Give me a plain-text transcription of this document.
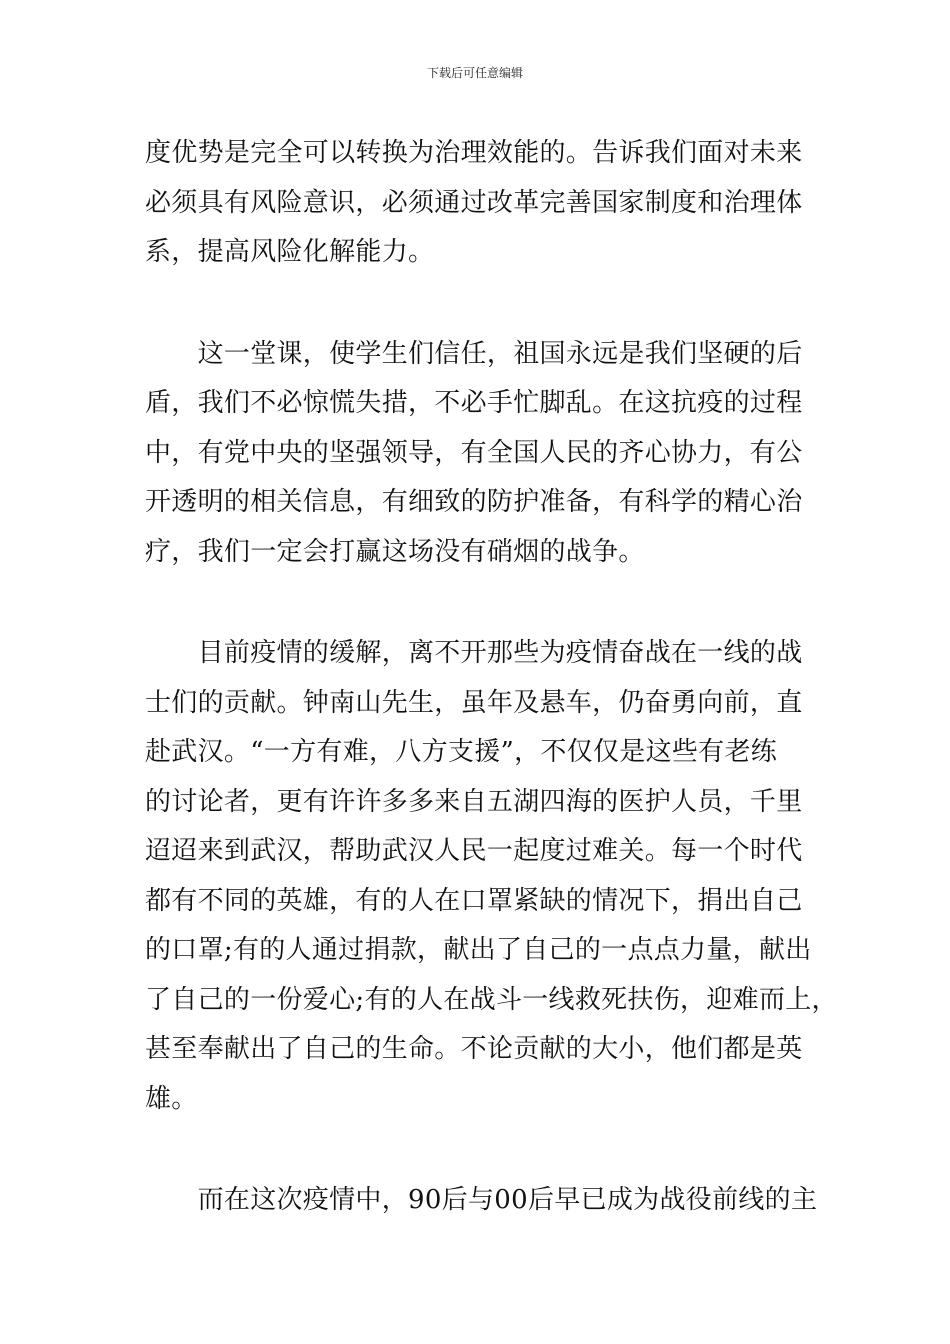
下载后可任意编辑
度优势是完全可以转换为治理效能的。告诉我们面对未来
必须具有风险意识，必须通过改革完善国家制度和治理体
系，提高风险化解能力。
　　这一堂课，使学生们信任，祖国永远是我们坚硬的后
盾，我们不必惊慌失措，不必手忙脚乱。在这抗疫的过程
中，有党中央的坚强领导，有全国人民的齐心协力，有公
开透明的相关信息，有细致的防护准备，有科学的精心治
疗，我们一定会打赢这场没有硝烟的战争。
　　目前疫情的缓解，离不开那些为疫情奋战在一线的战
士们的贡献。钟南山先生，虽年及悬车，仍奋勇向前，直
赴武汉。“一方有难，八方支援”，不仅仅是这些有老练
的讨论者，更有许许多多来自五湖四海的医护人员，千里
迢迢来到武汉，帮助武汉人民一起度过难关。每一个时代
都有不同的英雄，有的人在口罩紧缺的情况下，捐出自己
的口罩;有的人通过捐款，献出了自己的一点点力量，献出
了自己的一份爱心;有的人在战斗一线救死扶伤，迎难而上，
甚至奉献出了自己的生命。不论贡献的大小，他们都是英
雄。
　　而在这次疫情中，90后与00后早已成为战役前线的主
